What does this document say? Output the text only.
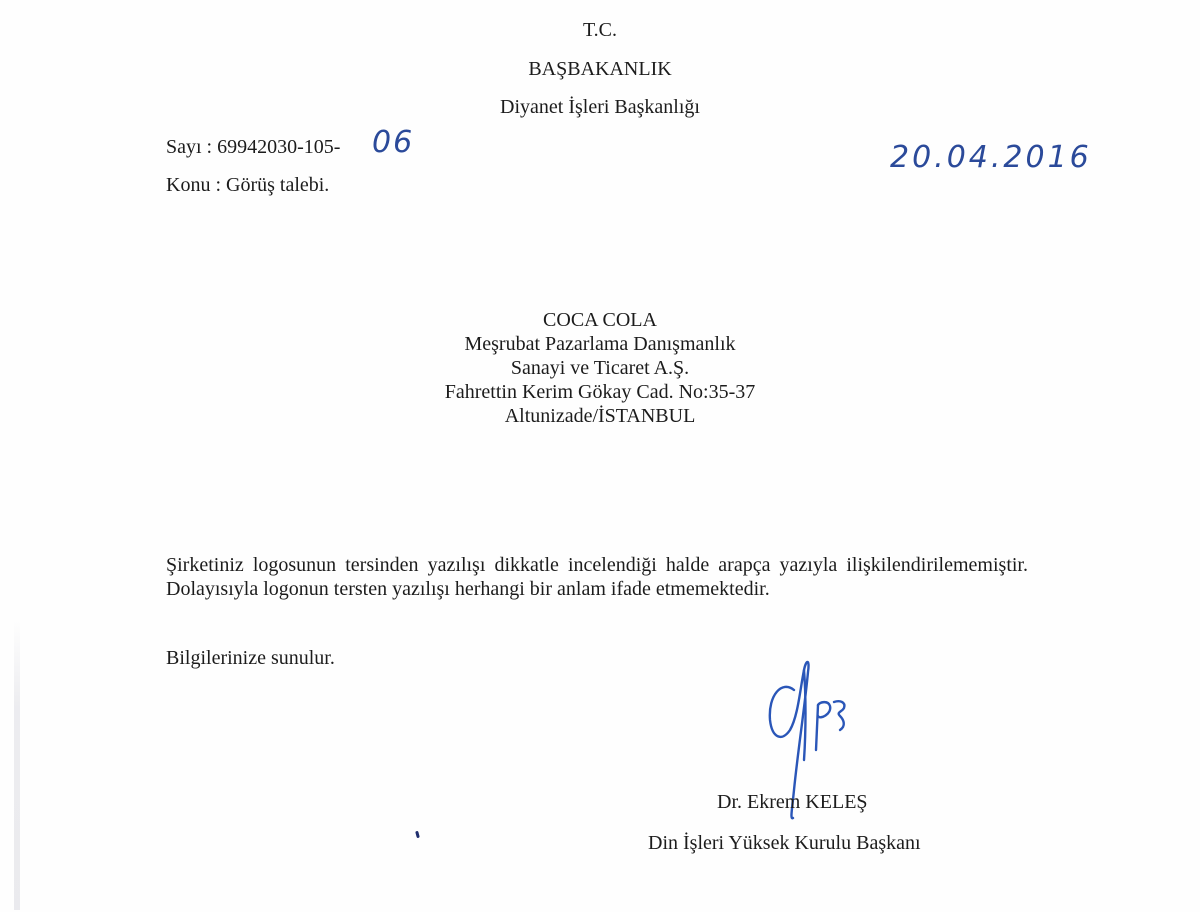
T.C.
BAŞBAKANLIK
Diyanet İşleri Başkanlığı
Sayı : 69942030-105- 06
Konu : Görüş talebi.
20.04.2016
COCA COLA
Meşrubat Pazarlama Danışmanlık
Sanayi ve Ticaret A.Ş.
Fahrettin Kerim Gökay Cad. No:35-37
Altunizade/İSTANBUL
Şirketiniz logosunun tersinden yazılışı dikkatle incelendiği halde arapça yazıyla ilişkilendirilememiştir. Dolayısıyla logonun tersten yazılışı herhangi bir anlam ifade etmemektedir.
Bilgilerinize sunulur.
Dr. Ekrem KELEŞ
Din İşleri Yüksek Kurulu Başkanı
